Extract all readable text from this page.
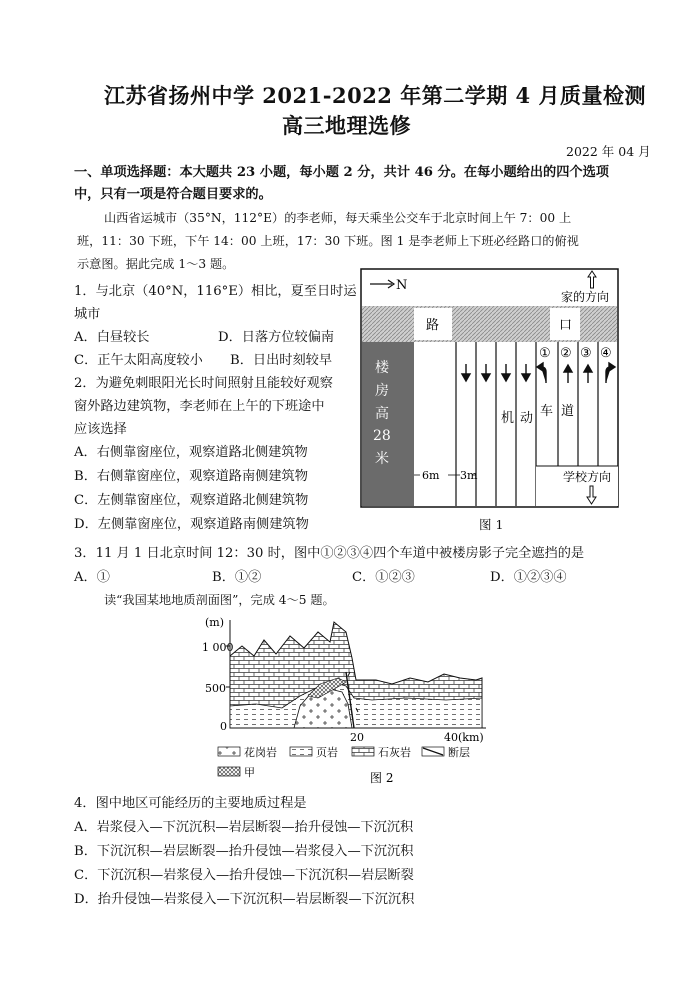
江苏省扬州中学 2021-2022 年第二学期 4 月质量检测
高三地理选修
2022 年 04 月
一、单项选择题：本大题共 23 小题，每小题 2 分，共计 46 分。在每小题给出的四个选项
中，只有一项是符合题目要求的。
山西省运城市（35°N，112°E）的李老师，每天乘坐公交车于北京时间上午 7：00 上
班，11：30 下班，下午 14：00 上班，17：30 下班。图 1 是李老师上下班必经路口的俯视
示意图。据此完成 1～3 题。
1．与北京（40°N，116°E）相比，夏至日时运
城市
A．白昼较长	D．日落方位较偏南
C．正午太阳高度较小 B．日出时刻较早
2．为避免刺眼阳光长时间照射且能较好观察
窗外路边建筑物，李老师在上午的下班途中
应该选择
A．右侧靠窗座位，观察道路北侧建筑物
B．右侧靠窗座位，观察道路南侧建筑物
C．左侧靠窗座位，观察道路北侧建筑物
D．左侧靠窗座位，观察道路南侧建筑物
N
家的方向
路	口
楼
房
高
28
米
6m 3m
① ② ③ ④
机 动 车 道
学校方向
图 1
3．11 月 1 日北京时间 12：30 时，图中①②③④四个车道中被楼房影子完全遮挡的是
A．①	B．①②	C．①②③	D．①②③④
读“我国某地地质剖面图”，完成 4～5 题。
(m)
1 000
500
0
20	40(km)
花岗岩	页岩	石灰岩	断层
甲	图 2
4．图中地区可能经历的主要地质过程是
A．岩浆侵入—下沉沉积—岩层断裂—抬升侵蚀—下沉沉积
B．下沉沉积—岩层断裂—抬升侵蚀—岩浆侵入—下沉沉积
C．下沉沉积—岩浆侵入—抬升侵蚀—下沉沉积—岩层断裂
D．抬升侵蚀—岩浆侵入—下沉沉积—岩层断裂—下沉沉积
